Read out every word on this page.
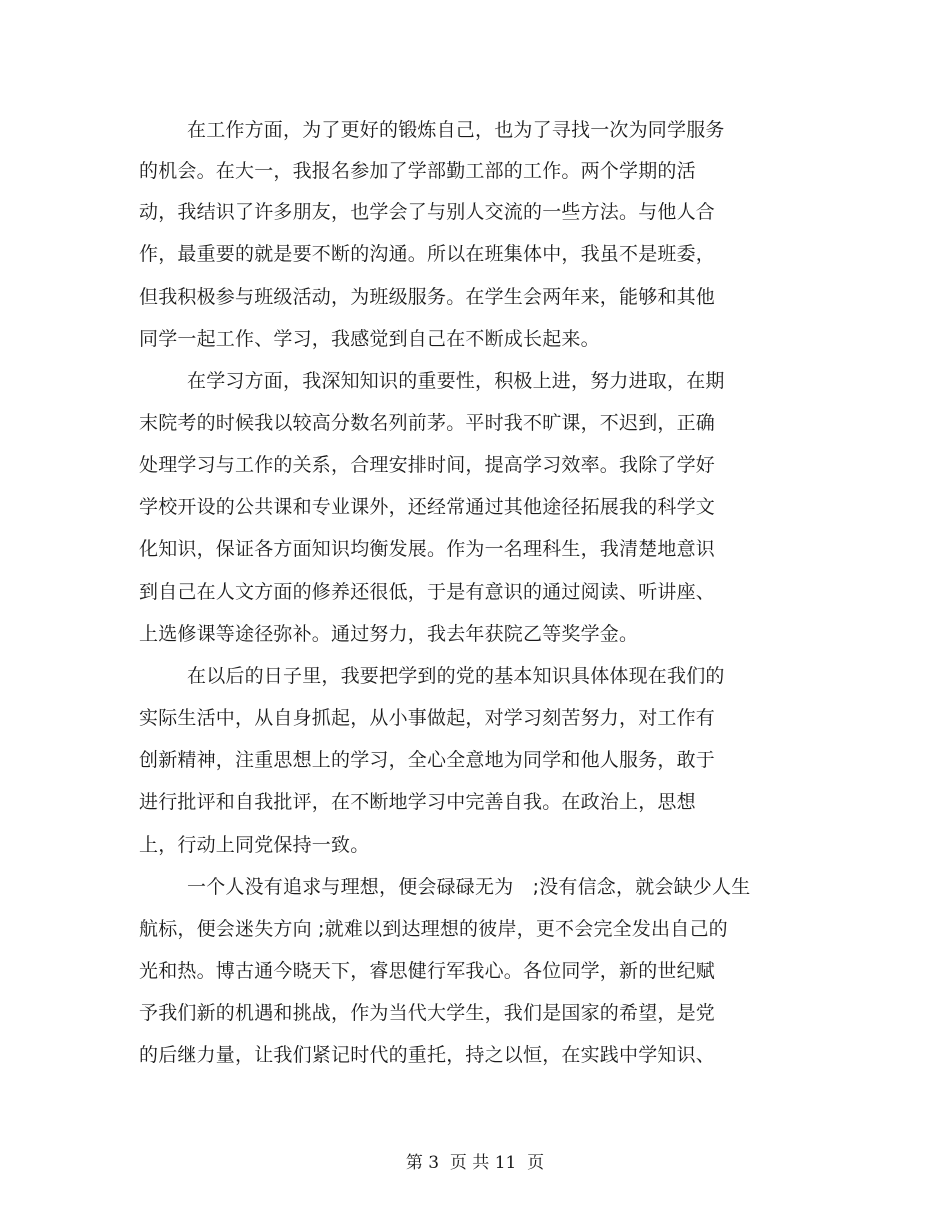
在工作方面，为了更好的锻炼自己，也为了寻找一次为同学服务
的机会。在大一，我报名参加了学部勤工部的工作。两个学期的活
动，我结识了许多朋友，也学会了与别人交流的一些方法。与他人合
作，最重要的就是要不断的沟通。所以在班集体中，我虽不是班委，
但我积极参与班级活动，为班级服务。在学生会两年来，能够和其他
同学一起工作、学习，我感觉到自己在不断成长起来。
在学习方面，我深知知识的重要性，积极上进，努力进取，在期
末院考的时候我以较高分数名列前茅。平时我不旷课，不迟到，正确
处理学习与工作的关系，合理安排时间，提高学习效率。我除了学好
学校开设的公共课和专业课外，还经常通过其他途径拓展我的科学文
化知识，保证各方面知识均衡发展。作为一名理科生，我清楚地意识
到自己在人文方面的修养还很低，于是有意识的通过阅读、听讲座、
上选修课等途径弥补。通过努力，我去年获院乙等奖学金。
在以后的日子里，我要把学到的党的基本知识具体体现在我们的
实际生活中，从自身抓起，从小事做起，对学习刻苦努力，对工作有
创新精神，注重思想上的学习，全心全意地为同学和他人服务，敢于
进行批评和自我批评，在不断地学习中完善自我。在政治上，思想
上，行动上同党保持一致。
一个人没有追求与理想，便会碌碌无为　;没有信念，就会缺少人生
航标，便会迷失方向 ;就难以到达理想的彼岸，更不会完全发出自己的
光和热。博古通今晓天下，睿思健行军我心。各位同学，新的世纪赋
予我们新的机遇和挑战，作为当代大学生，我们是国家的希望，是党
的后继力量，让我们紧记时代的重托，持之以恒，在实践中学知识、
第 3  页 共 11  页
